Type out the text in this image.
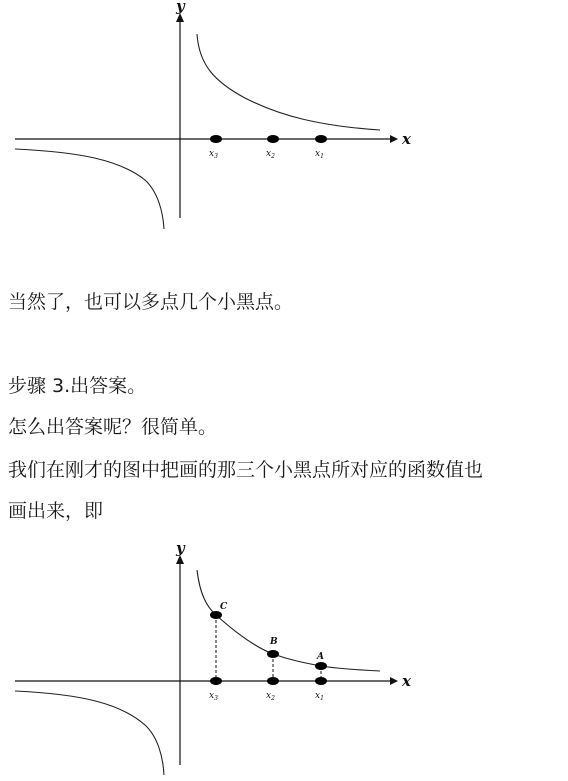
x
y
$x_3$	$x_2$	$x_1$
当然了，也可以多点几个小黑点。
步骤 3.出答案。
怎么出答案呢？很简单。
我们在刚才的图中把画的那三个小黑点所对应的函数值也
画出来，即
x
y
C
B
A
$x_3$	$x_2$	$x_1$
